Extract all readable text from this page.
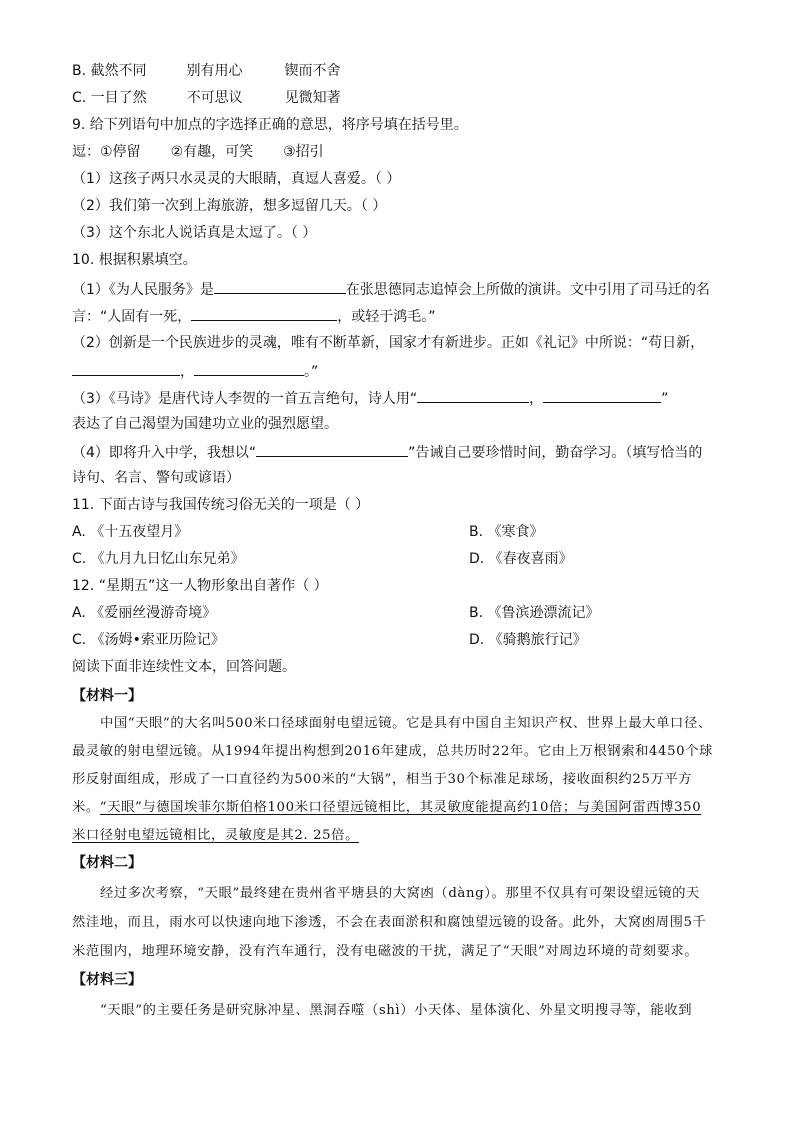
B. 截然不同	别有用心	锲而不舍
C. 一目了然	不可思议	见微知著
9. 给下列语句中加点的字选择正确的意思，将序号填在括号里。
逗：①停留 ②有趣，可笑 ③招引
（1）这孩子两只水灵灵的大眼睛，真逗人喜爱。（ ）
（2）我们第一次到上海旅游，想多逗留几天。（ ）
（3）这个东北人说话真是太逗了。（ ）
10. 根据积累填空。
（1）《为人民服务》是	在张思德同志追悼会上所做的演讲。文中引用了司马迁的名
言：“人固有一死，	，或轻于鸿毛。”
（2）创新是一个民族进步的灵魂，唯有不断革新，国家才有新进步。正如《礼记》中所说：“苟日新，
，	。”
（3）《马诗》是唐代诗人李贺的一首五言绝句，诗人用“	，	”
表达了自己渴望为国建功立业的强烈愿望。
（4）即将升入中学，我想以“	”告诫自己要珍惜时间，勤奋学习。（填写恰当的
诗句、名言、警句或谚语）
11. 下面古诗与我国传统习俗无关的一项是（ ）
A. 《十五夜望月》	B. 《寒食》
C. 《九月九日忆山东兄弟》	D. 《春夜喜雨》
12. “星期五”这一人物形象出自著作（ ）
A. 《爱丽丝漫游奇境》	B. 《鲁滨逊漂流记》
C. 《汤姆•索亚历险记》	D. 《骑鹅旅行记》
阅读下面非连续性文本，回答问题。
【材料一】
中国“天眼”的大名叫500米口径球面射电望远镜。它是具有中国自主知识产权、世界上最大单口径、
最灵敏的射电望远镜。从1994年提出构想到2016年建成，总共历时22年。它由上万根钢索和4450个球
形反射面组成，形成了一口直径约为500米的“大锅”，相当于30个标准足球场，接收面积约25万平方
米。“天眼”与德国埃菲尔斯伯格100米口径望远镜相比，其灵敏度能提高约10倍；与美国阿雷西博350
米口径射电望远镜相比，灵敏度是其2. 25倍。
【材料二】
经过多次考察，“天眼”最终建在贵州省平塘县的大窝凼（dàng）。那里不仅具有可架设望远镜的天
然洼地，而且，雨水可以快速向地下渗透，不会在表面淤积和腐蚀望远镜的设备。此外，大窝凼周围5千
米范围内，地理环境安静，没有汽车通行，没有电磁波的干扰，满足了“天眼”对周边环境的苛刻要求。
【材料三】
“天眼”的主要任务是研究脉冲星、黑洞吞噬（shì）小天体、星体演化、外星文明搜寻等，能收到
